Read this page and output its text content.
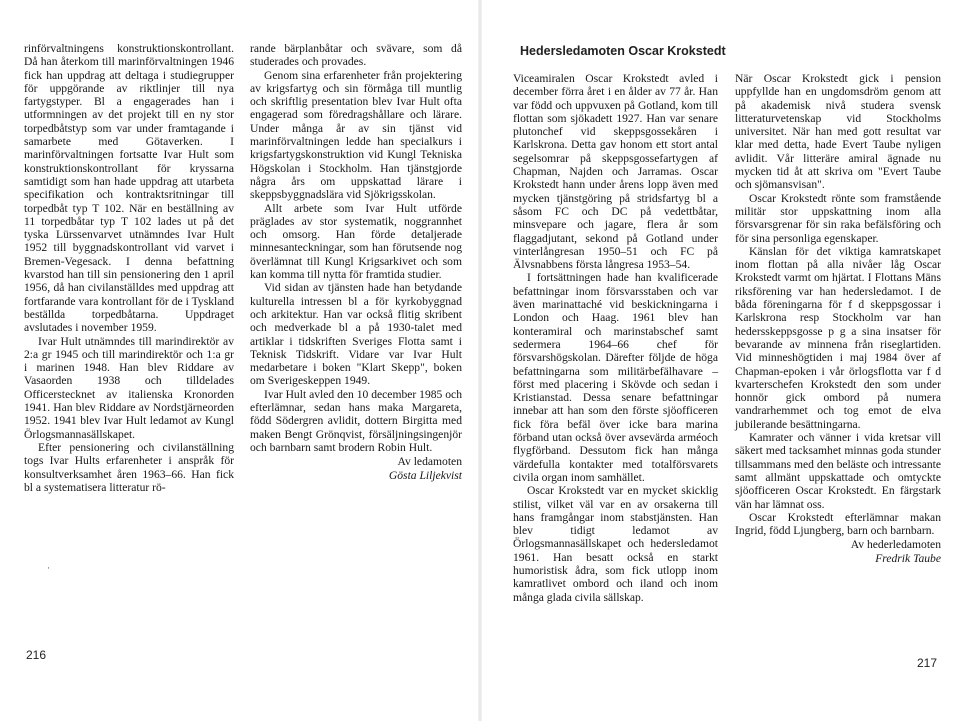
rinförvaltningens konstruktionskontrollant. Då han återkom till marinförvaltningen 1946 fick han uppdrag att deltaga i studiegrupper för uppgörande av riktlinjer till nya fartygstyper. Bl a engagerades han i utformningen av det projekt till en ny stor torpedbåtstyp som var under framtagande i samarbete med Götaverken. I marinförvaltningen fortsatte Ivar Hult som konstruktionskontrollant för kryssarna samtidigt som han hade uppdrag att utarbeta specifikation och kontraktsritningar till torpedbåt typ T 102. När en beställning av 11 torpedbåtar typ T 102 lades ut på det tyska Lürssenvarvet utnämndes Ivar Hult 1952 till byggnadskontrollant vid varvet i Bremen-Vegesack. I denna befattning kvarstod han till sin pensionering den 1 april 1956, då han civilanställdes med uppdrag att fortfarande vara kontrollant för de i Tyskland beställda torpedbåtarna. Uppdraget avslutades i november 1959.

Ivar Hult utnämndes till marindirektör av 2:a gr 1945 och till marindirektör och 1:a gr i marinen 1948. Han blev Riddare av Vasaorden 1938 och tilldelades Officerstecknet av italienska Kronorden 1941. Han blev Riddare av Nordstjärneorden 1952. 1941 blev Ivar Hult ledamot av Kungl Örlogsmannasällskapet.

Efter pensionering och civilanställning togs Ivar Hults erfarenheter i anspråk för konsultverksamhet åren 1963–66. Han fick bl a systematisera litteratur rö-

rande bärplanbåtar och svävare, som då studerades och provades.

Genom sina erfarenheter från projektering av krigsfartyg och sin förmåga till muntlig och skriftlig presentation blev Ivar Hult ofta engagerad som föredragshållare och lärare. Under många år av sin tjänst vid marinförvaltningen ledde han specialkurs i krigsfartygskonstruktion vid Kungl Tekniska Högskolan i Stockholm. Han tjänstgjorde några års om uppskattad lärare i skeppsbyggnadslära vid Sjökrigsskolan.

Allt arbete som Ivar Hult utförde präglades av stor systematik, noggrannhet och omsorg. Han förde detaljerade minnesanteckningar, som han förutsende nog överlämnat till Kungl Krigsarkivet och som kan komma till nytta för framtida studier.

Vid sidan av tjänsten hade han betydande kulturella intressen bl a för kyrkobyggnad och arkitektur. Han var också flitig skribent och medverkade bl a på 1930-talet med artiklar i tidskriften Sveriges Flotta samt i Teknisk Tidskrift. Vidare var Ivar Hult medarbetare i boken "Klart Skepp", boken om Sverigeskeppen 1949.

Ivar Hult avled den 10 december 1985 och efterlämnar, sedan hans maka Margareta, född Södergren avlidit, dottern Birgitta med maken Bengt Grönqvist, försäljningsingenjör och barnbarn samt brodern Robin Hult.

Av ledamoten
Gösta Liljekvist
·
216
Hedersledamoten Oscar Krokstedt

Viceamiralen Oscar Krokstedt avled i december förra året i en ålder av 77 år. Han var född och uppvuxen på Gotland, kom till flottan som sjökadett 1927. Han var senare plutonchef vid skeppsgossekåren i Karlskrona. Detta gav honom ett stort antal segelsomrar på skeppsgossefartygen af Chapman, Najden och Jarramas. Oscar Krokstedt hann under årens lopp även med mycken tjänstgöring på stridsfartyg bl a såsom FC och DC på vedettbåtar, minsvepare och jagare, flera år som flaggadjutant, sekond på Gotland under vinterlångresan 1950–51 och FC på Älvsnabbens första långresa 1953–54.

I fortsättningen hade han kvalificerade befattningar inom försvarsstaben och var även marinattaché vid beskickningarna i London och Haag. 1961 blev han konteramiral och marinstabschef samt sedermera 1964–66 chef för försvarshögskolan. Därefter följde de höga befattningarna som militärbefälhavare – först med placering i Skövde och sedan i Kristianstad. Dessa senare befattningar innebar att han som den förste sjöofficeren fick föra befäl över icke bara marina förband utan också över avsevärda arméoch flygförband. Dessutom fick han många värdefulla kontakter med totalförsvarets civila organ inom samhället.

Oscar Krokstedt var en mycket skicklig stilist, vilket väl var en av orsakerna till hans framgångar inom stabstjänsten. Han blev tidigt ledamot av Örlogsmannasällskapet och hedersledamot 1961. Han besatt också en starkt humoristisk ådra, som fick utlopp inom kamratlivet ombord och iland och inom många glada civila sällskap.

När Oscar Krokstedt gick i pension uppfyllde han en ungdomsdröm genom att på akademisk nivå studera svensk litteraturvetenskap vid Stockholms universitet. När han med gott resultat var klar med detta, hade Evert Taube nyligen avlidit. Vår litteräre amiral ägnade nu mycken tid åt att skriva om "Evert Taube och sjömansvisan".

Oscar Krokstedt rönte som framstående militär stor uppskattning inom alla försvarsgrenar för sin raka befälsföring och för sina personliga egenskaper.

Känslan för det viktiga kamratskapet inom flottan på alla nivåer låg Oscar Krokstedt varmt om hjärtat. I Flottans Mäns riksförening var han hedersledamot. I de båda föreningarna för f d skeppsgossar i Karlskrona resp Stockholm var han hedersskeppsgosse p g a sina insatser för bevarande av minnena från riseglartiden. Vid minneshögtiden i maj 1984 över af Chapman-epoken i vår örlogsflotta var f d kvarterschefen Krokstedt den som under honnör gick ombord på numera vandrarhemmet och tog emot de elva jubilerande besättningarna.

Kamrater och vänner i vida kretsar vill säkert med tacksamhet minnas goda stunder tillsammans med den beläste och intressante samt allmänt uppskattade och omtyckte sjöofficeren Oscar Krokstedt. En färgstark vän har lämnat oss.

Oscar Krokstedt efterlämnar makan Ingrid, född Ljungberg, barn och barnbarn.

Av hederledamoten
Fredrik Taube
217
